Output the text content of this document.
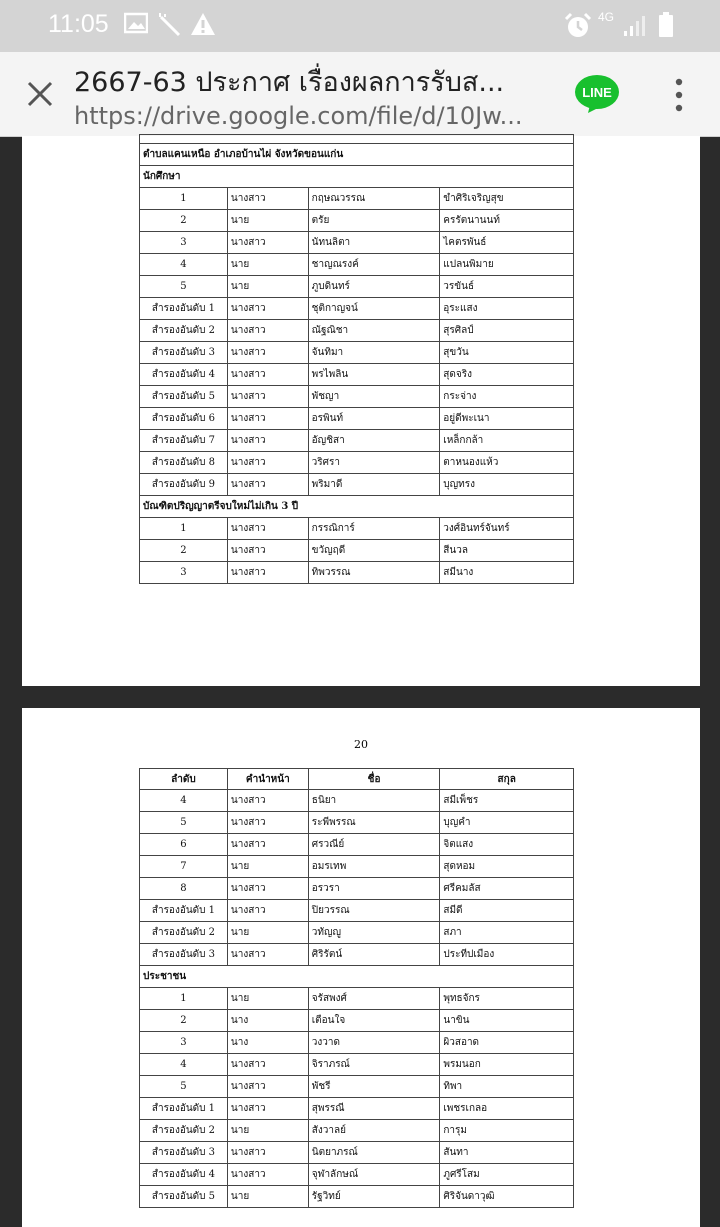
11:05	4G
2667-63 ประกาศ เรื่องผลการรับส...
https://drive.google.com/file/d/10Jw...
LINE

ตำบลแคนเหนือ อำเภอบ้านไผ่ จังหวัดขอนแก่น			
นักศึกษา			
1	นางสาว	กฤษณวรรณ	ขำศิริเจริญสุข
2	นาย	ตรัย	ครรัตนานนท์
3	นางสาว	นัทนลิตา	ไคตรพันธ์
4	นาย	ชาญณรงค์	แปลนพิมาย
5	นาย	ภูบดินทร์	วรขันธ์
สำรองอันดับ 1	นางสาว	ชุติกาญจน์	อุระแสง
สำรองอันดับ 2	นางสาว	ณัฐณิชา	สุรศิลป์
สำรองอันดับ 3	นางสาว	จันทิมา	สุขวัน
สำรองอันดับ 4	นางสาว	พรไพลิน	สุดจริง
สำรองอันดับ 5	นางสาว	พัชญา	กระจ่าง
สำรองอันดับ 6	นางสาว	อรพินท์	อยู่ดีพะเนา
สำรองอันดับ 7	นางสาว	อัญชิสา	เหล็กกล้า
สำรองอันดับ 8	นางสาว	วริศรา	ตาหนองแห้ว
สำรองอันดับ 9	นางสาว	พริมาดี	บุญทรง
บัณฑิตปริญญาตรีจบใหม่ไม่เกิน 3 ปี			
1	นางสาว	กรรณิการ์	วงศ์อินทร์จันทร์
2	นางสาว	ขวัญฤดี	สีนวล
3	นางสาว	ทิพวรรณ	สมีนาง
20
ลำดับ	คำนำหน้า	ชื่อ	สกุล
4	นางสาว	ธนิยา	สมีเพ็ชร
5	นางสาว	ระพีพรรณ	บุญคำ
6	นางสาว	ศรวณีย์	จิตแสง
7	นาย	อมรเทพ	สุดหอม
8	นางสาว	อรวรา	ศรีคมลัส
สำรองอันดับ 1	นางสาว	ปิยวรรณ	สมีดี
สำรองอันดับ 2	นาย	วทัญญู	สภา
สำรองอันดับ 3	นางสาว	ศิริรัตน์	ประทีปเมือง
ประชาชน			
1	นาย	จรัสพงศ์	พุทธจักร
2	นาง	เตือนใจ	นาขิน
3	นาง	วงวาด	ผิวสอาด
4	นางสาว	จิราภรณ์	พรมนอก
5	นางสาว	พัชรี	ทิพา
สำรองอันดับ 1	นางสาว	สุพรรณี	เพชรเกลอ
สำรองอันดับ 2	นาย	สังวาลย์	การุม
สำรองอันดับ 3	นางสาว	นิตยาภรณ์	สันทา
สำรองอันดับ 4	นางสาว	จุฬาลักษณ์	ภูศรีโสม
สำรองอันดับ 5	นาย	รัฐวิทย์	ศิริจันดาวุฒิ
